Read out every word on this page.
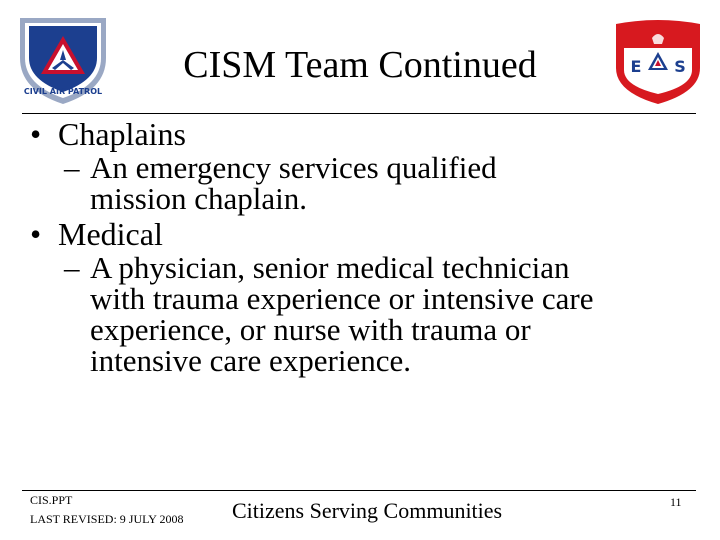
CIVIL AIR PATROL
E S
CISM Team Continued
• Chaplains
– An emergency services qualified
mission chaplain.
• Medical
– A physician, senior medical technician
with trauma experience or intensive care
experience, or nurse with trauma or
intensive care experience.
CIS.PPT
LAST REVISED: 9 JULY 2008 Citizens Serving Communities	11
